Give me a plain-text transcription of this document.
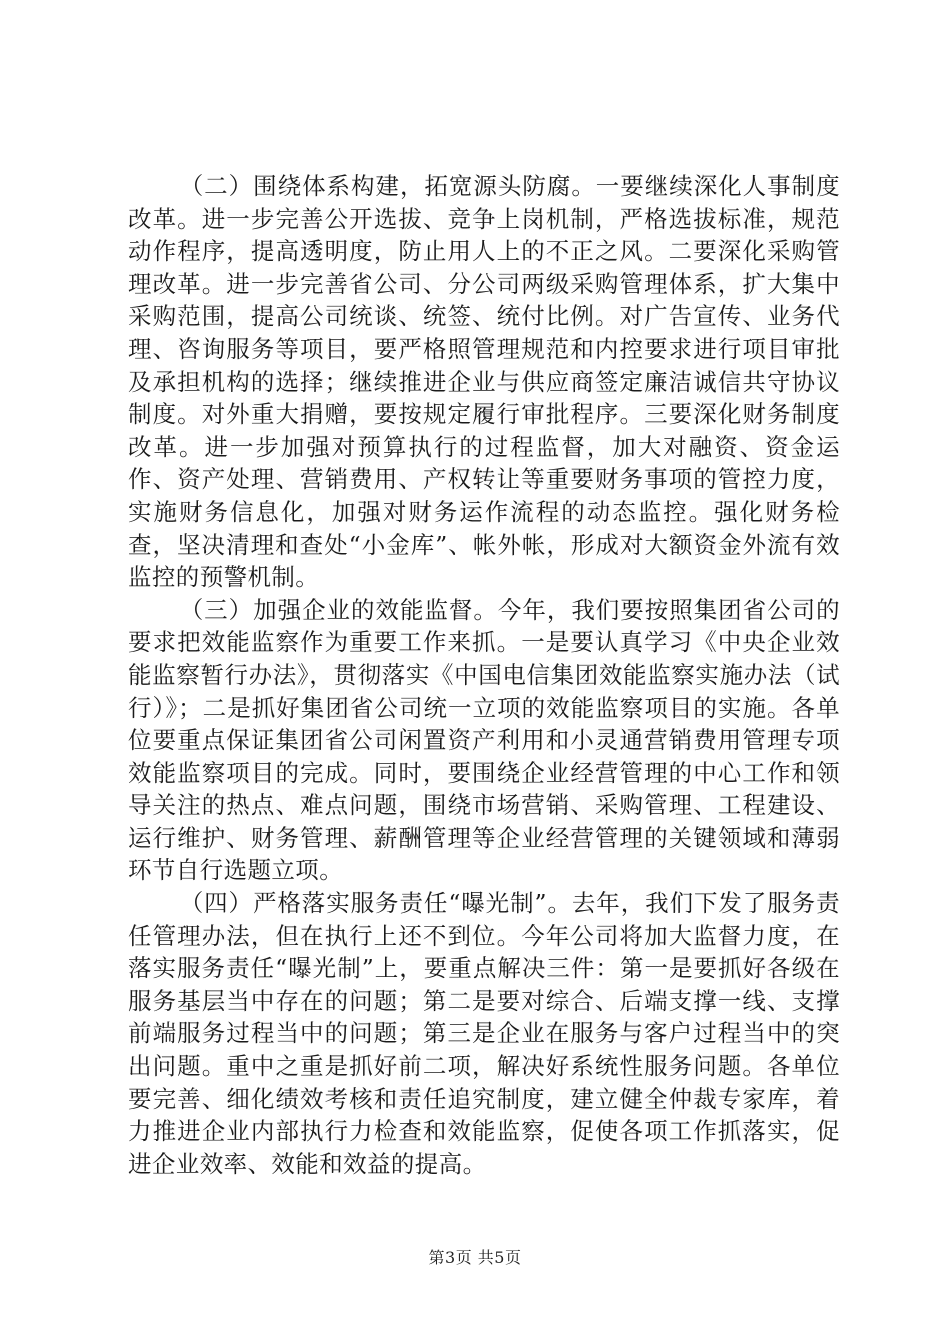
（二）围绕体系构建，拓宽源头防腐。一要继续深化人事制度改革。进一步完善公开选拔、竞争上岗机制，严格选拔标准，规范动作程序，提高透明度，防止用人上的不正之风。二要深化采购管理改革。进一步完善省公司、分公司两级采购管理体系，扩大集中采购范围，提高公司统谈、统签、统付比例。对广告宣传、业务代理、咨询服务等项目，要严格照管理规范和内控要求进行项目审批及承担机构的选择；继续推进企业与供应商签定廉洁诚信共守协议制度。对外重大捐赠，要按规定履行审批程序。三要深化财务制度改革。进一步加强对预算执行的过程监督，加大对融资、资金运作、资产处理、营销费用、产权转让等重要财务事项的管控力度，实施财务信息化，加强对财务运作流程的动态监控。强化财务检查，坚决清理和查处“小金库”、帐外帐，形成对大额资金外流有效监控的预警机制。

（三）加强企业的效能监督。今年，我们要按照集团省公司的要求把效能监察作为重要工作来抓。一是要认真学习《中央企业效能监察暂行办法》，贯彻落实《中国电信集团效能监察实施办法（试行）》；二是抓好集团省公司统一立项的效能监察项目的实施。各单位要重点保证集团省公司闲置资产利用和小灵通营销费用管理专项效能监察项目的完成。同时，要围绕企业经营管理的中心工作和领导关注的热点、难点问题，围绕市场营销、采购管理、工程建设、运行维护、财务管理、薪酬管理等企业经营管理的关键领域和薄弱环节自行选题立项。

（四）严格落实服务责任“曝光制”。去年，我们下发了服务责任管理办法，但在执行上还不到位。今年公司将加大监督力度，在落实服务责任“曝光制”上，要重点解决三件：第一是要抓好各级在服务基层当中存在的问题；第二是要对综合、后端支撑一线、支撑前端服务过程当中的问题；第三是企业在服务与客户过程当中的突出问题。重中之重是抓好前二项，解决好系统性服务问题。各单位要完善、细化绩效考核和责任追究制度，建立健全仲裁专家库，着力推进企业内部执行力检查和效能监察，促使各项工作抓落实，促进企业效率、效能和效益的提高。

第3页 共5页
